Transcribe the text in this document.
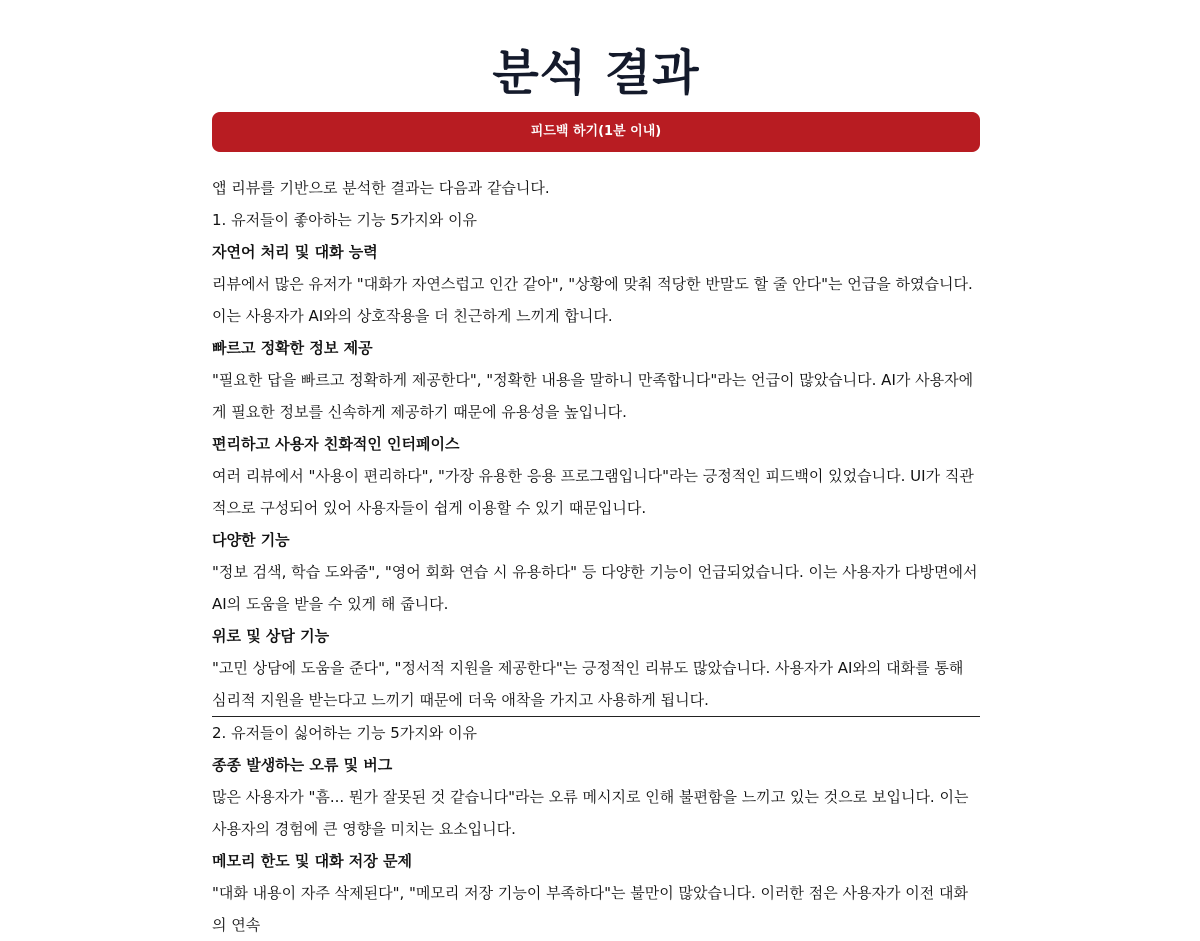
분석 결과
피드백 하기(1분 이내)
앱 리뷰를 기반으로 분석한 결과는 다음과 같습니다.
1. 유저들이 좋아하는 기능 5가지와 이유
자연어 처리 및 대화 능력

리뷰에서 많은 유저가 "대화가 자연스럽고 인간 같아", "상황에 맞춰 적당한 반말도 할 줄 안다"는 언급을 하였습니다. 이는 사용자가 AI와의 상호작용을 더 친근하게 느끼게 합니다.

빠르고 정확한 정보 제공

"필요한 답을 빠르고 정확하게 제공한다", "정확한 내용을 말하니 만족합니다"라는 언급이 많았습니다. AI가 사용자에게 필요한 정보를 신속하게 제공하기 때문에 유용성을 높입니다.

편리하고 사용자 친화적인 인터페이스

여러 리뷰에서 "사용이 편리하다", "가장 유용한 응용 프로그램입니다"라는 긍정적인 피드백이 있었습니다. UI가 직관적으로 구성되어 있어 사용자들이 쉽게 이용할 수 있기 때문입니다.

다양한 기능

"정보 검색, 학습 도와줌", "영어 회화 연습 시 유용하다" 등 다양한 기능이 언급되었습니다. 이는 사용자가 다방면에서 AI의 도움을 받을 수 있게 해 줍니다.

위로 및 상담 기능

"고민 상담에 도움을 준다", "정서적 지원을 제공한다"는 긍정적인 리뷰도 많았습니다. 사용자가 AI와의 대화를 통해 심리적 지원을 받는다고 느끼기 때문에 더욱 애착을 가지고 사용하게 됩니다.

2. 유저들이 싫어하는 기능 5가지와 이유
종종 발생하는 오류 및 버그

많은 사용자가 "흠... 뭔가 잘못된 것 같습니다"라는 오류 메시지로 인해 불편함을 느끼고 있는 것으로 보입니다. 이는 사용자의 경험에 큰 영향을 미치는 요소입니다.

메모리 한도 및 대화 저장 문제

"대화 내용이 자주 삭제된다", "메모리 저장 기능이 부족하다"는 불만이 많았습니다. 이러한 점은 사용자가 이전 대화의 연속
